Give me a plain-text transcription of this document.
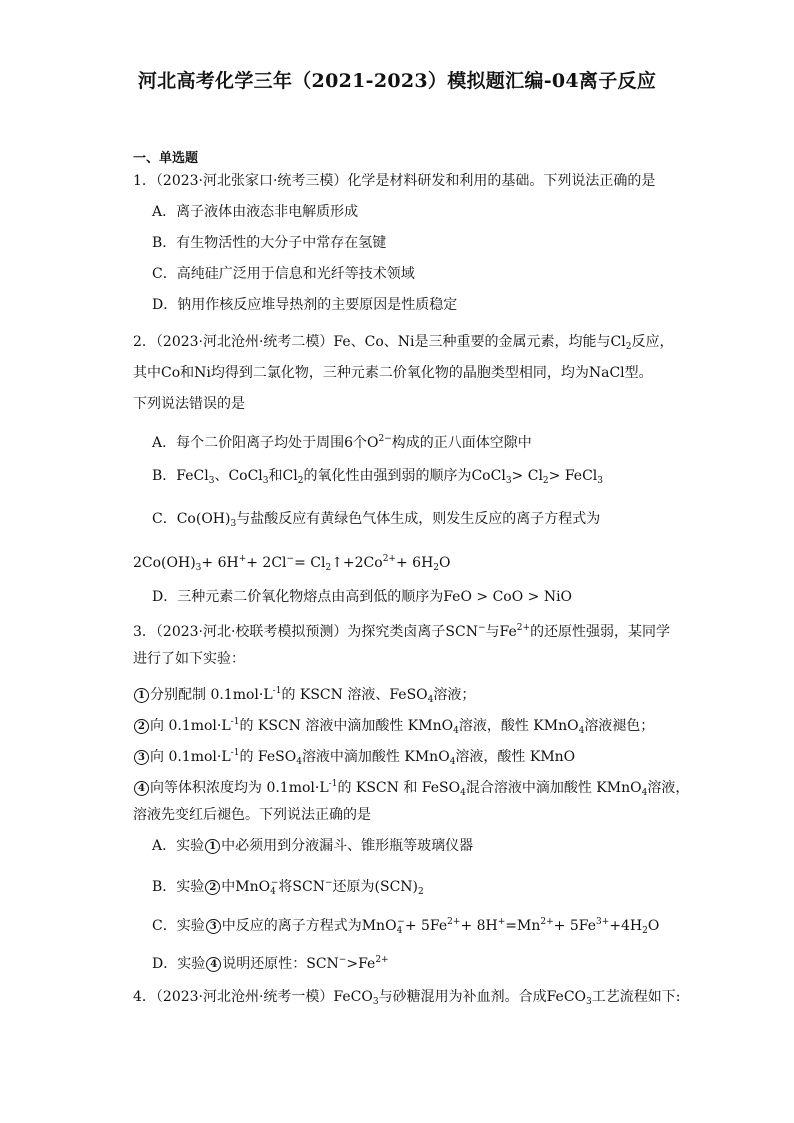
河北高考化学三年（2021-2023）模拟题汇编-04离子反应
一、单选题
1．（2023·河北张家口·统考三模）化学是材料研发和利用的基础。下列说法正确的是
A．离子液体由液态非电解质形成
B．有生物活性的大分子中常存在氢键
C．高纯硅广泛用于信息和光纤等技术领域
D．钠用作核反应堆导热剂的主要原因是性质稳定
2．（2023·河北沧州·统考二模）Fe、Co、Ni是三种重要的金属元素，均能与$Cl_2$反应，
其中Co和Ni均得到二氯化物，三种元素二价氧化物的晶胞类型相同，均为NaCl型。
下列说法错误的是
A．每个二价阳离子均处于周围6个$O^{2-}$构成的正八面体空隙中
B．FeCl$_3$、CoCl$_3$和$Cl_2$的氧化性由强到弱的顺序为CoCl$_3$> $Cl_2>$ FeCl$_3$
C．$Co(OH)_3$与盐酸反应有黄绿色气体生成，则发生反应的离子方程式为
$2Co(OH)_3+ 6H^++ 2Cl^-=$ $Cl_2↑+2Co^{2+}+ 6H_2O$
D．三种元素二价氧化物熔点由高到低的顺序为FeO > CoO > NiO
3．（2023·河北·校联考模拟预测）为探究类卤离子SCN−与$Fe^{2+}$的还原性强弱，某同学
进行了如下实验：
1 分别配制 $0.1mol\cdot L^{-1}$的 KSCN 溶液、FeSO$_4$溶液；
2 向 $0.1mol\cdot L^{-1}$的 KSCN 溶液中滴加酸性 KMnO$_4$溶液，酸性 KMnO$_4$溶液褪色；
3 向 $0.1mol\cdot L^{-1}$的 FeSO$_4$溶液中滴加酸性 KMnO$_4$溶液，酸性 KMnO
4 向等体积浓度均为 $0.1mol\cdot L^{-1}$的 KSCN 和 FeSO$_4$混合溶液中滴加酸性 KMnO$_4$溶液，
溶液先变红后褪色。下列说法正确的是
A．实验 1 中必须用到分液漏斗、锥形瓶等玻璃仪器
B．实验 2 中MnO$_4$−将SCN−还原为$(SCN)_2$
C．实验 3 中反应的离子方程式为$MnO_4^-+ 5Fe^{2+}+ 8H^+=Mn^{2+}+ 5Fe^{3+}+4H_2O$
D．实验 4 说明还原性：$SCN^->Fe^{2+}$
4．（2023·河北沧州·统考一模）FeCO$_3$与砂糖混用为补血剂。合成FeCO$_3$工艺流程如下:
